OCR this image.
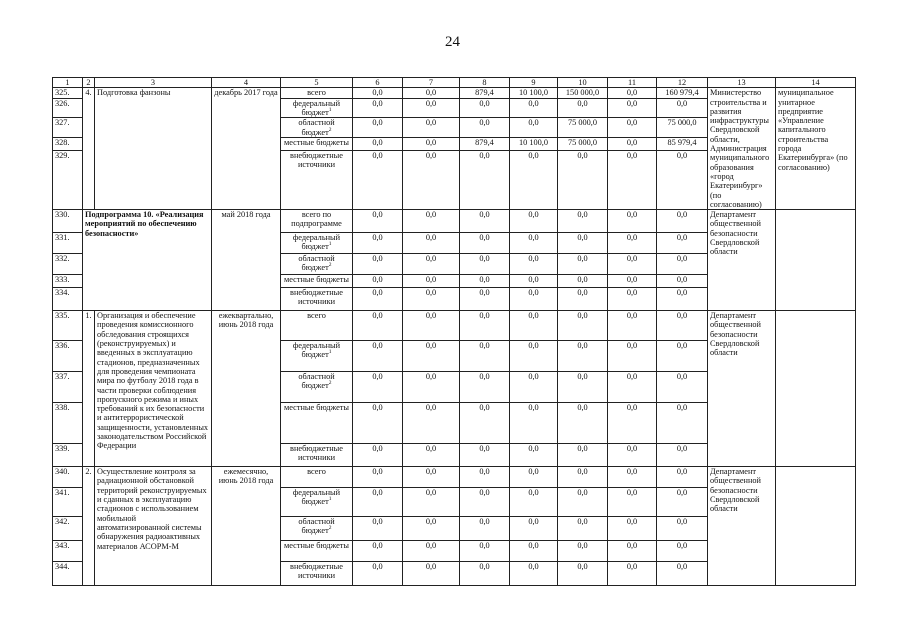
24
1	2	3	4	5	6	7	8	9	10	11	12	13	14
325.	4.	Подготовка фанзоны	декабрь 2017 года	всего	0,0	0,0	879,4	10 100,0	150 000,0	0,0	160 979,4	Министерство строительства и развития инфраструктуры Свердловской области, Администрация муниципального образования «город Екатеринбург» (по согласованию)	муниципальное унитарное предприятие «Управление капитального строительства города Екатеринбурга» (по согласованию)
326.				федеральный бюджет$^1$	0,0	0,0	0,0	0,0	0,0	0,0	0,0		
327.				областной бюджет$^2$	0,0	0,0	0,0	0,0	75 000,0	0,0	75 000,0		
328.				местные бюджеты	0,0	0,0	879,4	10 100,0	75 000,0	0,0	85 979,4		
329.				внебюджетные источники	0,0	0,0	0,0	0,0	0,0	0,0	0,0		
330.	Подпрограмма 10. «Реализация мероприятий по обеспечению безопасности»		май 2018 года	всего по подпрограмме	0,0	0,0	0,0	0,0	0,0	0,0	0,0	Департамент общественной безопасности Свердловской области	
331.				федеральный бюджет$^1$	0,0	0,0	0,0	0,0	0,0	0,0	0,0		
332.				областной бюджет$^2$	0,0	0,0	0,0	0,0	0,0	0,0	0,0		
333.				местные бюджеты	0,0	0,0	0,0	0,0	0,0	0,0	0,0		
334.				внебюджетные источники	0,0	0,0	0,0	0,0	0,0	0,0	0,0		
335.	1.	Организация и обеспечение проведения комиссионного обследования строящихся (реконструируемых) и введенных в эксплуатацию стадионов, предназначенных для проведения чемпионата мира по футболу 2018 года в части проверки соблюдения пропускного режима и иных требований к их безопасности и антитеррористической защищенности, установленных законодательством Российской Федерации	ежеквартально, июнь 2018 года	всего	0,0	0,0	0,0	0,0	0,0	0,0	0,0	Департамент общественной безопасности Свердловской области	
336.				федеральный бюджет$^1$	0,0	0,0	0,0	0,0	0,0	0,0	0,0		
337.				областной бюджет$^2$	0,0	0,0	0,0	0,0	0,0	0,0	0,0		
338.				местные бюджеты	0,0	0,0	0,0	0,0	0,0	0,0	0,0		
339.				внебюджетные источники	0,0	0,0	0,0	0,0	0,0	0,0	0,0		
340.	2.	Осуществление контроля за радиационной обстановкой территорий реконструируемых и сданных в эксплуатацию стадионов с использованием мобильной автоматизированной системы обнаружения радиоактивных материалов АСОРМ-М	ежемесячно, июнь 2018 года	всего	0,0	0,0	0,0	0,0	0,0	0,0	0,0	Департамент общественной безопасности Свердловской области	
341.				федеральный бюджет$^1$	0,0	0,0	0,0	0,0	0,0	0,0	0,0		
342.				областной бюджет$^2$	0,0	0,0	0,0	0,0	0,0	0,0	0,0		
343.				местные бюджеты	0,0	0,0	0,0	0,0	0,0	0,0	0,0		
344.				внебюджетные источники	0,0	0,0	0,0	0,0	0,0	0,0	0,0		
